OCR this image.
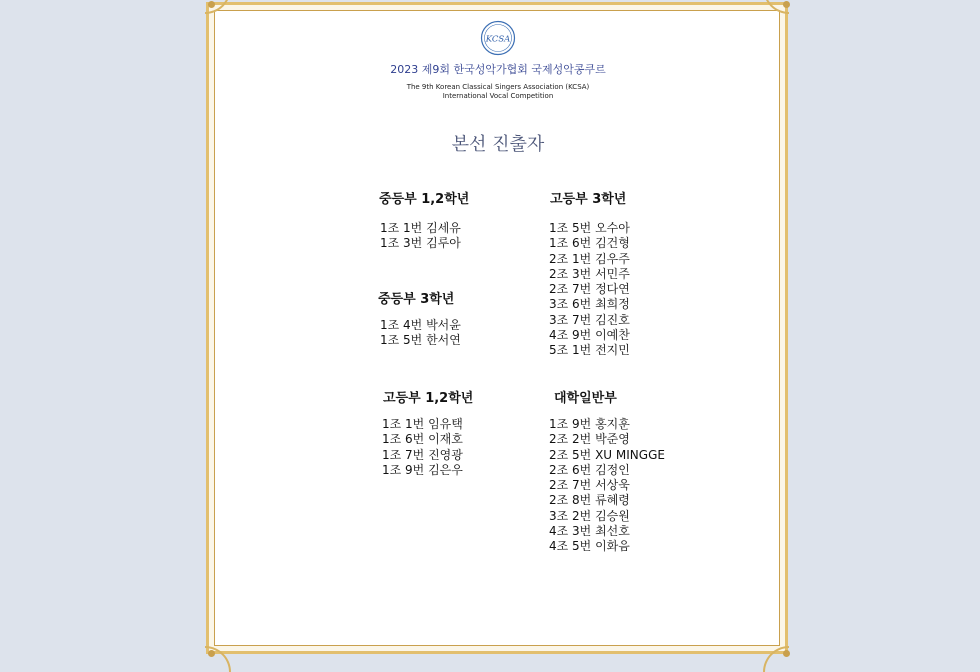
KCSA
2023 제9회 한국성악가협회 국제성악콩쿠르
The 9th Korean Classical Singers Association (KCSA)
International Vocal Competition
본선 진출자
중등부 1,2학년
1조 1번 김세유
1조 3번 김루아
중등부 3학년
1조 4번 박서윤
1조 5번 한서연
고등부 1,2학년
1조 1번 임유택
1조 6번 이재호
1조 7번 진영광
1조 9번 김은우
고등부 3학년
1조 5번 오수아
1조 6번 김건형
2조 1번 김우주
2조 3번 서민주
2조 7번 정다연
3조 6번 최희정
3조 7번 김진호
4조 9번 이예찬
5조 1번 전지민
대학일반부
1조 9번 홍지훈
2조 2번 박준영
2조 5번 XU MINGGE
2조 6번 김정인
2조 7번 서상욱
2조 8번 류혜령
3조 2번 김승원
4조 3번 최선호
4조 5번 이화음
